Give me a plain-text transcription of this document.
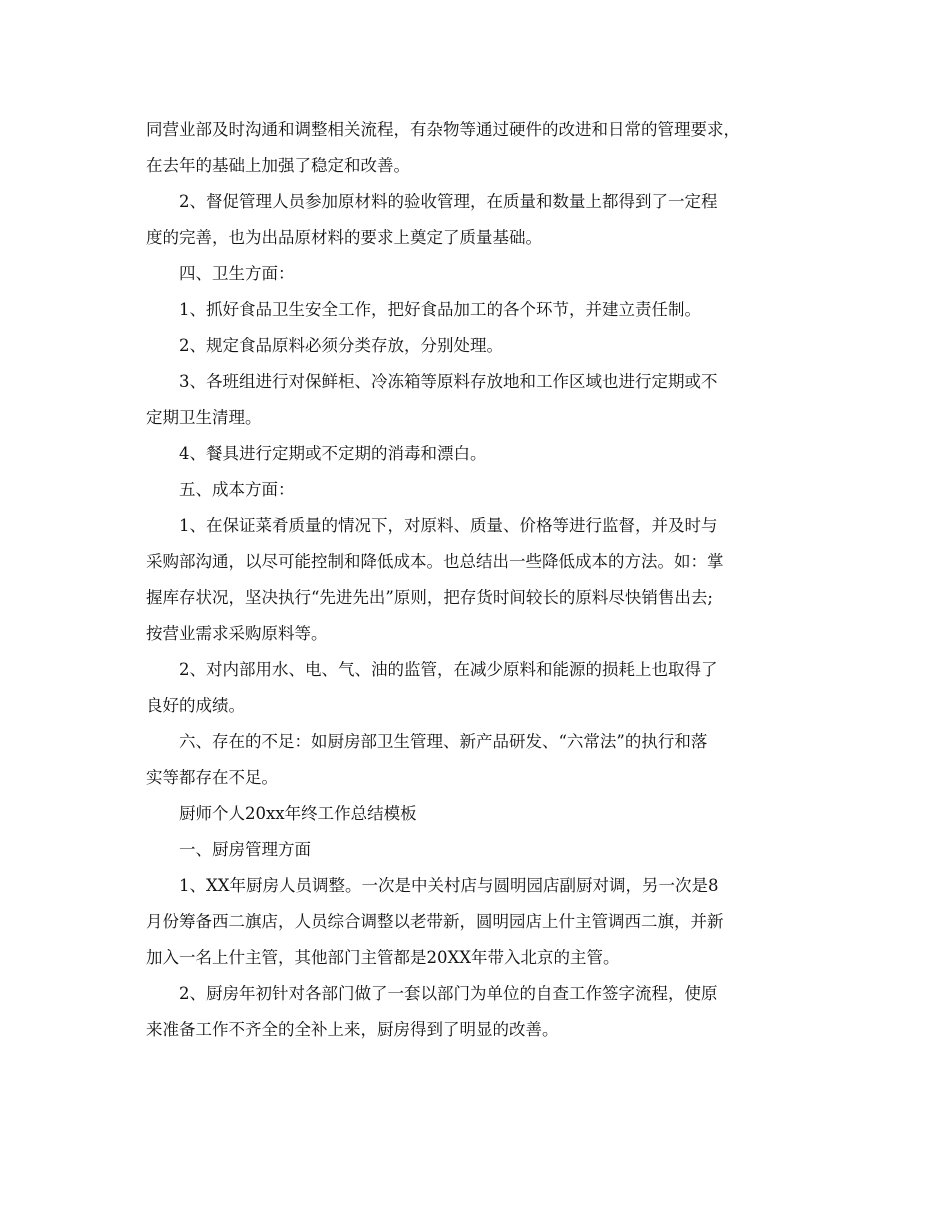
同营业部及时沟通和调整相关流程，有杂物等通过硬件的改进和日常的管理要求，
在去年的基础上加强了稳定和改善。
2、督促管理人员参加原材料的验收管理，在质量和数量上都得到了一定程
度的完善，也为出品原材料的要求上奠定了质量基础。
四、卫生方面：
1、抓好食品卫生安全工作，把好食品加工的各个环节，并建立责任制。
2、规定食品原料必须分类存放，分别处理。
3、各班组进行对保鲜柜、冷冻箱等原料存放地和工作区域也进行定期或不
定期卫生清理。
4、餐具进行定期或不定期的消毒和漂白。
五、成本方面：
1、在保证菜肴质量的情况下，对原料、质量、价格等进行监督，并及时与
采购部沟通，以尽可能控制和降低成本。也总结出一些降低成本的方法。如：掌
握库存状况，坚决执行“先进先出”原则，把存货时间较长的原料尽快销售出去;
按营业需求采购原料等。
2、对内部用水、电、气、油的监管，在减少原料和能源的损耗上也取得了
良好的成绩。
六、存在的不足：如厨房部卫生管理、新产品研发、“六常法”的执行和落
实等都存在不足。
厨师个人20xx年终工作总结模板
一、厨房管理方面
1、XX年厨房人员调整。一次是中关村店与圆明园店副厨对调，另一次是8
月份筹备西二旗店，人员综合调整以老带新，圆明园店上什主管调西二旗，并新
加入一名上什主管，其他部门主管都是20XX年带入北京的主管。
2、厨房年初针对各部门做了一套以部门为单位的自查工作签字流程，使原
来准备工作不齐全的全补上来，厨房得到了明显的改善。
